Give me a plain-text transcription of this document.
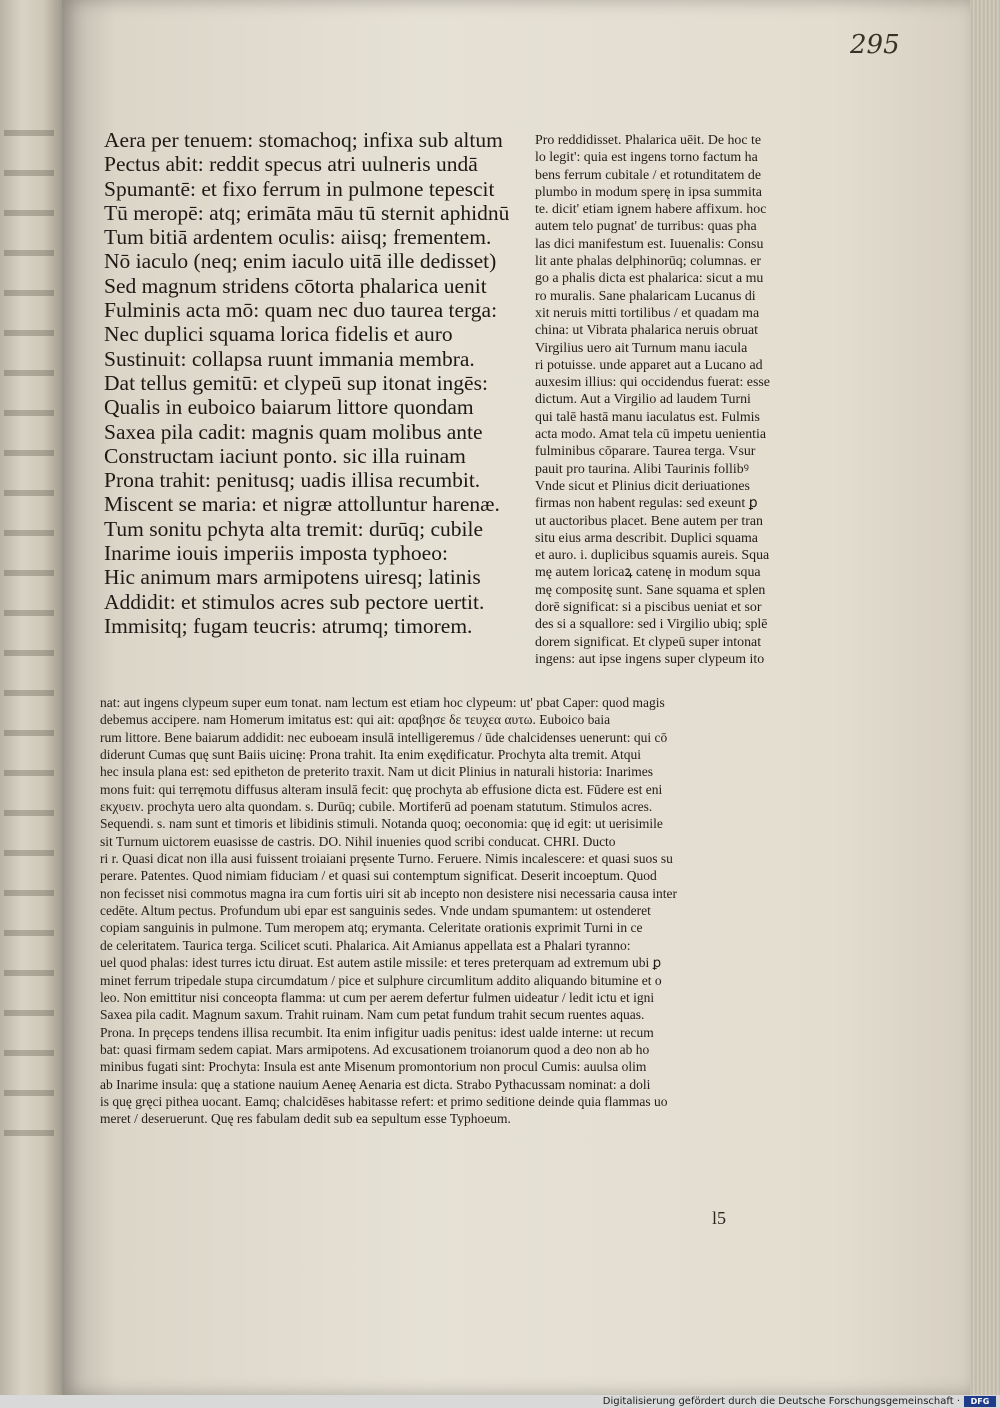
295
Aera per tenuem: stomachoq; infixa sub altum
Pectus abit: reddit specus atri uulneris undā
Spumantē: et fixo ferrum in pulmone tepescit
Tū meropē: atq; erimāta māu tū sternit aphidnū
Tum bitiā ardentem oculis: aiisq; frementem.
Nō iaculo (neq; enim iaculo uitā ille dedisset)
Sed magnum stridens cōtorta phalarica uenit
Fulminis acta mō: quam nec duo taurea terga:
Nec duplici squama lorica fidelis et auro
Sustinuit: collapsa ruunt immania membra.
Dat tellus gemitū: et clypeū sup itonat ingēs:
Qualis in euboico baiarum littore quondam
Saxea pila cadit: magnis quam molibus ante
Constructam iaciunt ponto. sic illa ruinam
Prona trahit: penitusq; uadis illisa recumbit.
Miscent se maria: et nigræ attolluntur harenæ.
Tum sonitu pchyta alta tremit: durūq; cubile
Inarime iouis imperiis imposta typhoeo:
Hic animum mars armipotens uiresq; latinis
Addidit: et stimulos acres sub pectore uertit.
Immisitq; fugam teucris: atrumq; timorem.
Pro reddidisset. Phalarica uēit. De hoc te
lo legit': quia est ingens torno factum ha
bens ferrum cubitale / et rotunditatem de
plumbo in modum sperę in ipsa summita
te. dicit' etiam ignem habere affixum. hoc
autem telo pugnat' de turribus: quas pha
las dici manifestum est. Iuuenalis: Consu
lit ante phalas delphinorūq; columnas. er
go a phalis dicta est phalarica: sicut a mu
ro muralis. Sane phalaricam Lucanus di
xit neruis mitti tortilibus / et quadam ma
china: ut Vibrata phalarica neruis obruat
Virgilius uero ait Turnum manu iacula
ri potuisse. unde apparet aut a Lucano ad
auxesim illius: qui occidendus fuerat: esse
dictum. Aut a Virgilio ad laudem Turni
qui talē hastā manu iaculatus est. Fulmis
acta modo. Amat tela cū impetu uenientia
fulminibus cōparare. Taurea terga. Vsur
pauit pro taurina. Alibi Taurinis follibꝰ
Vnde sicut et Plinius dicit deriuationes
firmas non habent regulas: sed exeunt ꝑ
ut auctoribus placet. Bene autem per tran
situ eius arma describit. Duplici squama
et auro. i. duplicibus squamis aureis. Squa
mę autem loricaꝝ catenę in modum squa
mę compositę sunt. Sane squama et splen
dorē significat: si a piscibus ueniat et sor
des si a squallore: sed i Virgilio ubiq; splē
dorem significat. Et clypeū super intonat
ingens: aut ipse ingens super clypeum ito
nat: aut ingens clypeum super eum tonat. nam lectum est etiam hoc clypeum: ut' pbat Caper: quod magis
debemus accipere. nam Homerum imitatus est: qui ait: αραβησε δε τευχεα αυτω. Euboico baia
rum littore. Bene baiarum addidit: nec euboeam insulā intelligeremus / ūde chalcidenses uenerunt: qui cō
diderunt Cumas quę sunt Baiis uicinę: Prona trahit. Ita enim exędificatur. Prochyta alta tremit. Atqui
hec insula plana est: sed epitheton de preterito traxit. Nam ut dicit Plinius in naturali historia: Inarimes
mons fuit: qui terręmotu diffusus alteram insulā fecit: quę prochyta ab effusione dicta est. Fūdere est eni
εκχυειν. prochyta uero alta quondam. s. Durūq; cubile. Mortiferū ad poenam statutum. Stimulos acres.
Sequendi. s. nam sunt et timoris et libidinis stimuli. Notanda quoq; oeconomia: quę id egit: ut uerisimile
sit Turnum uictorem euasisse de castris. DO. Nihil inuenies quod scribi conducat. CHRI. Ducto
ri r. Quasi dicat non illa ausi fuissent troiaiani pręsente Turno. Feruere. Nimis incalescere: et quasi suos su
perare. Patentes. Quod nimiam fiduciam / et quasi sui contemptum significat. Deserit incoeptum. Quod
non fecisset nisi commotus magna ira cum fortis uiri sit ab incepto non desistere nisi necessaria causa inter
cedēte. Altum pectus. Profundum ubi epar est sanguinis sedes. Vnde undam spumantem: ut ostenderet
copiam sanguinis in pulmone. Tum meropem atq; erymanta. Celeritate orationis exprimit Turni in ce
de celeritatem. Taurica terga. Scilicet scuti. Phalarica. Ait Amianus appellata est a Phalari tyranno:
uel quod phalas: idest turres ictu diruat. Est autem astile missile: et teres preterquam ad extremum ubi ꝑ
minet ferrum tripedale stupa circumdatum / pice et sulphure circumlitum addito aliquando bitumine et o
leo. Non emittitur nisi conceopta flamma: ut cum per aerem defertur fulmen uideatur / ledit ictu et igni
Saxea pila cadit. Magnum saxum. Trahit ruinam. Nam cum petat fundum trahit secum ruentes aquas.
Prona. In pręceps tendens illisa recumbit. Ita enim infigitur uadis penitus: idest ualde interne: ut recum
bat: quasi firmam sedem capiat. Mars armipotens. Ad excusationem troianorum quod a deo non ab ho
minibus fugati sint: Prochyta: Insula est ante Misenum promontorium non procul Cumis: auulsa olim
ab Inarime insula: quę a statione nauium Aeneę Aenaria est dicta. Strabo Pythacussam nominat: a doli
is quę gręci pithea uocant. Eamq; chalcidēses habitasse refert: et primo seditione deinde quia flammas uo
meret / deseruerunt. Quę res fabulam dedit sub ea sepultum esse Typhoeum.
l5
Digitalisierung gefördert durch die Deutsche Forschungsgemeinschaft ·	DFG
